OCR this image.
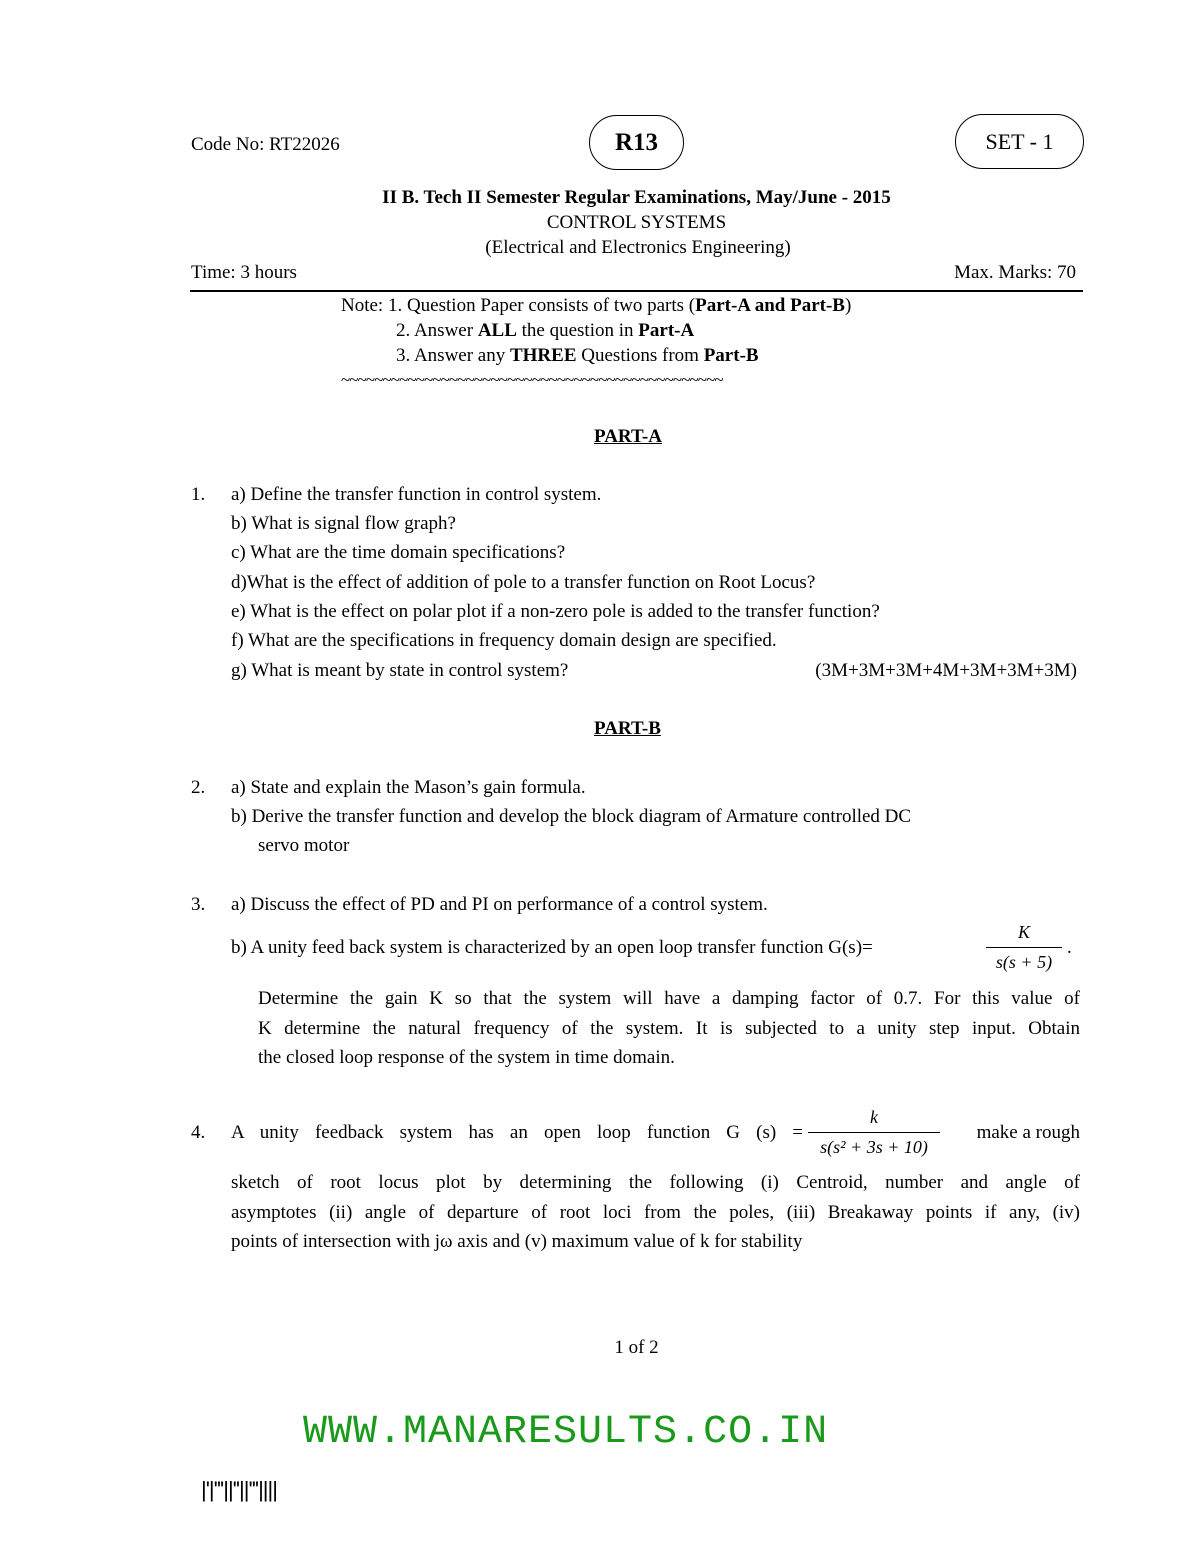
Code No: RT22026	R13	SET - 1
II B. Tech II Semester Regular Examinations, May/June - 2015
CONTROL SYSTEMS
(Electrical and Electronics Engineering)
Time: 3 hours	Max. Marks: 70
Note: 1. Question Paper consists of two parts (Part-A and Part-B)
2. Answer ALL the question in Part-A
3. Answer any THREE Questions from Part-B
~~~~~~~~~~~~~~~~~~~~~~~~~~~~~~~~~~~~~~~~~~~~~~
PART-A
1. a) Define the transfer function in control system.
b) What is signal flow graph?
c) What are the time domain specifications?
d)What is the effect of addition of pole to a transfer function on Root Locus?
e) What is the effect on polar plot if a non-zero pole is added to the transfer function?
f) What are the specifications in frequency domain design are specified.
g) What is meant by state in control system?	(3M+3M+3M+4M+3M+3M+3M)
PART-B
2. a) State and explain the Mason’s gain formula.
b) Derive the transfer function and develop the block diagram of Armature controlled DC
servo motor
3. a) Discuss the effect of PD and PI on performance of a control system.
b) A unity feed back system is characterized by an open loop transfer function G(s)=
K
s(s + 5)
.
Determine the gain K so that the system will have a damping factor of 0.7. For this value of
K determine the natural frequency of the system. It is subjected to a unity step input. Obtain
the closed loop response of the system in time domain.
4. A unity feedback system has an open loop function G (s) =
k
s(s² + 3s + 10)
make a rough
sketch of root locus plot by determining the following (i) Centroid, number and angle of
asymptotes (ii) angle of departure of root loci from the poles, (iii) Breakaway points if any, (iv)
points of intersection with jω axis and (v) maximum value of k for stability
1 of 2
WWW.MANARESULTS.CO.IN
|'|'''||''||'''||||
